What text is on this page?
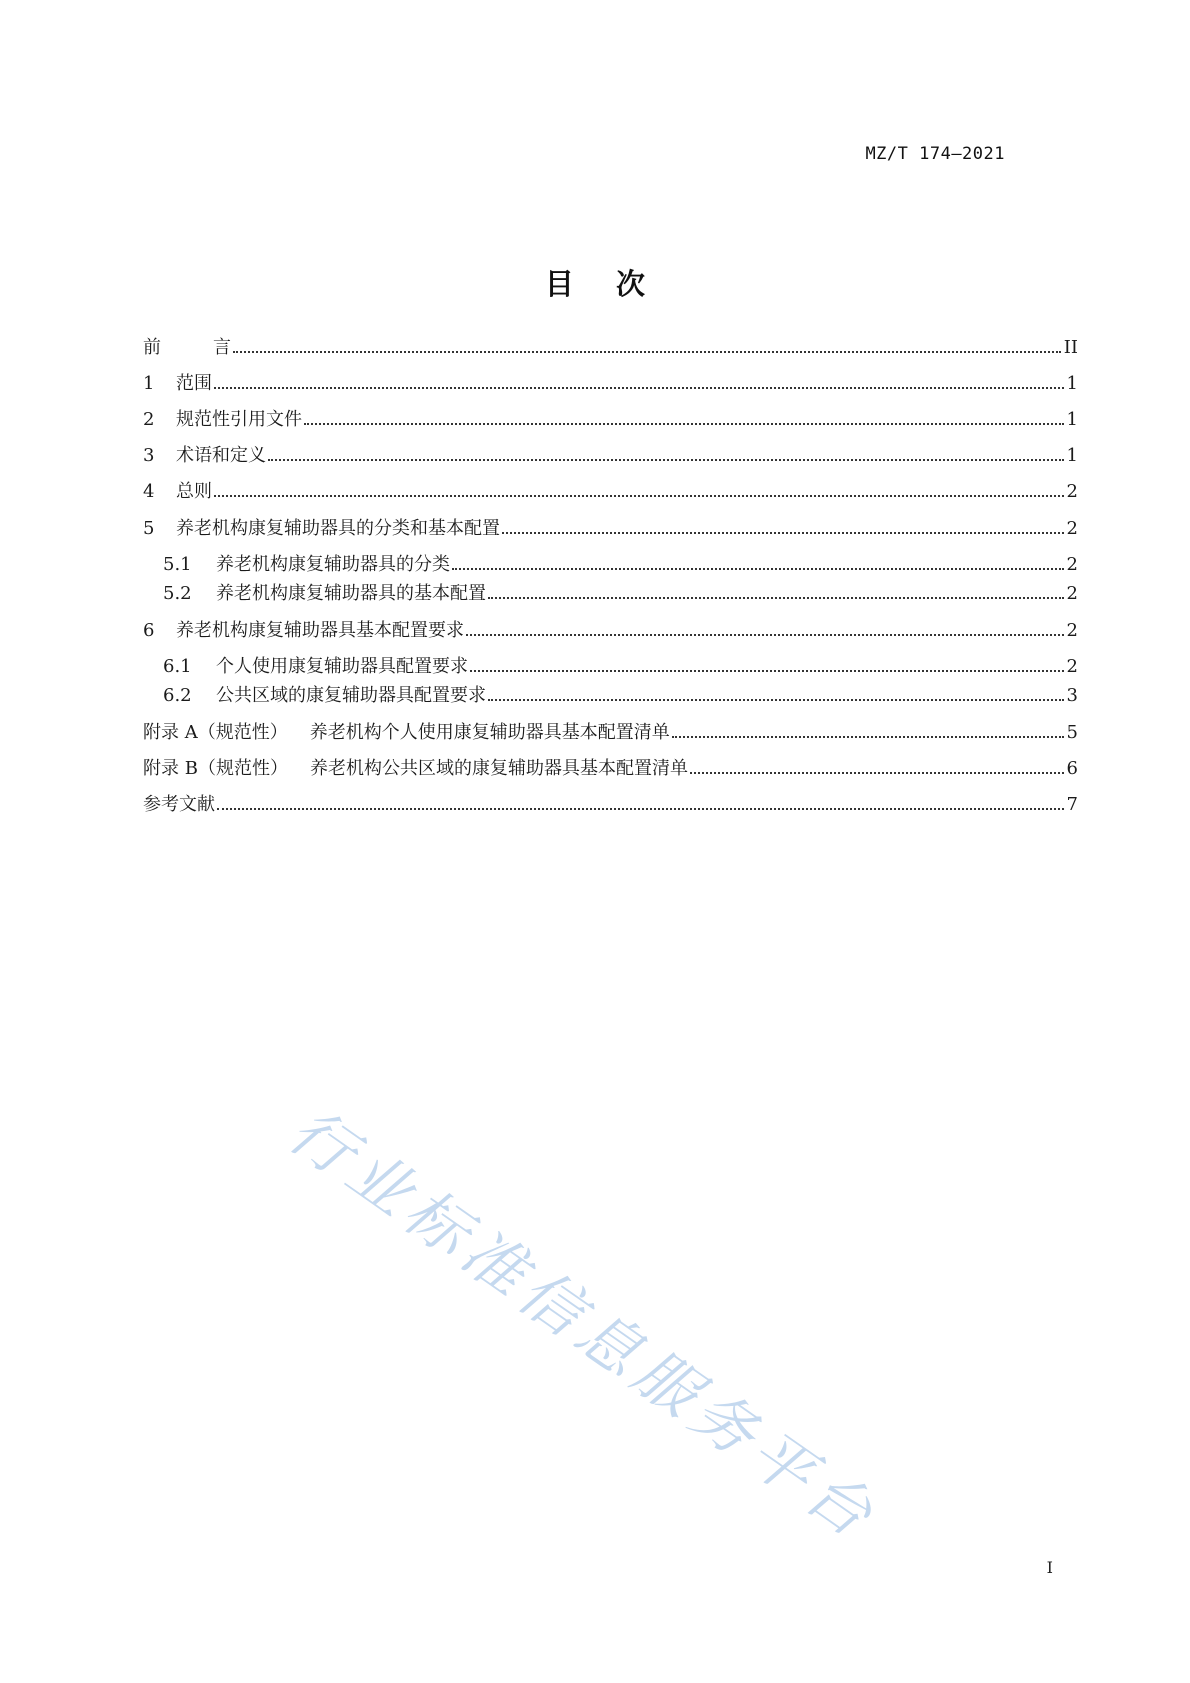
MZ/T 174—2021
目 次
前	言	II
1	范围	1
2	规范性引用文件	1
3	术语和定义	1
4	总则	2
5	养老机构康复辅助器具的分类和基本配置	2
5.1	养老机构康复辅助器具的分类	2
5.2	养老机构康复辅助器具的基本配置	2
6	养老机构康复辅助器具基本配置要求	2
6.1	个人使用康复辅助器具配置要求	2
6.2	公共区域的康复辅助器具配置要求	3
附录 A（规范性） 养老机构个人使用康复辅助器具基本配置清单	5
附录 B（规范性） 养老机构公共区域的康复辅助器具基本配置清单	6
参考文献	7
行业标准信息服务平台
I
